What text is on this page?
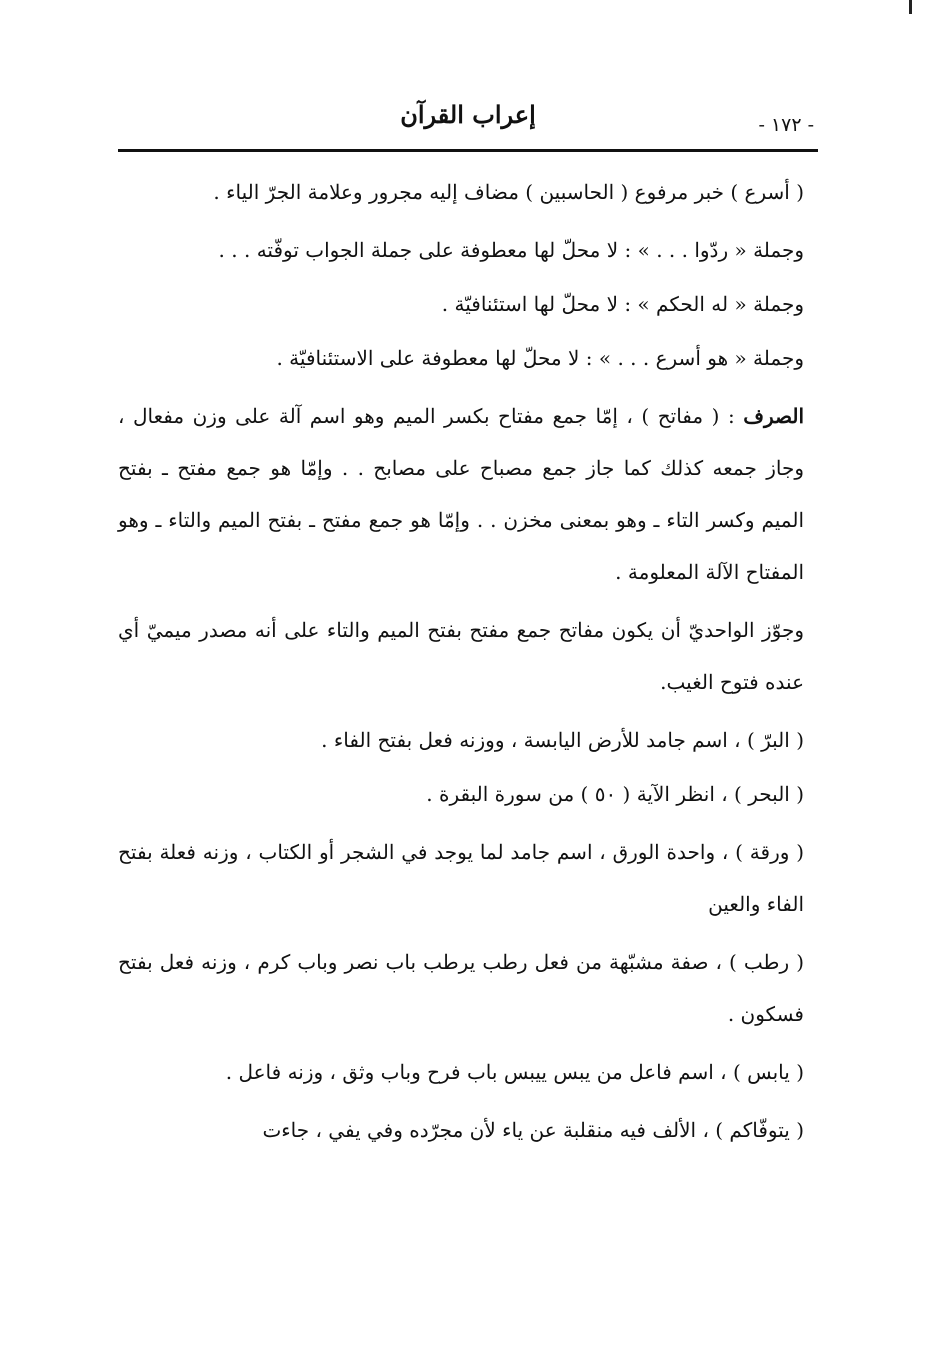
إعراب القرآن	- ١٧٢ -

( أسرع ) خبر مرفوع ( الحاسبين ) مضاف إليه مجرور وعلامة الجرّ الياء .

وجملة « ردّوا . . . » : لا محلّ لها معطوفة على جملة الجواب توفّته . . .

وجملة « له الحكم » : لا محلّ لها استئنافيّة .

وجملة « هو أسرع . . . » : لا محلّ لها معطوفة على الاستئنافيّة .

الصرف : ( مفاتح ) ، إمّا جمع مفتاح بكسر الميم وهو اسم آلة على وزن مفعال ، وجاز جمعه كذلك كما جاز جمع مصباح على مصابح . . وإمّا هو جمع مفتح ـ بفتح الميم وكسر التاء ـ وهو بمعنى مخزن . . وإمّا هو جمع مفتح ـ بفتح الميم والتاء ـ وهو المفتاح الآلة المعلومة .

وجوّز الواحديّ أن يكون مفاتح جمع مفتح بفتح الميم والتاء على أنه مصدر ميميّ أي عنده فتوح الغيب.

( البرّ ) ، اسم جامد للأرض اليابسة ، ووزنه فعل بفتح الفاء .

( البحر ) ، انظر الآية ( ٥٠ ) من سورة البقرة .

( ورقة ) ، واحدة الورق ، اسم جامد لما يوجد في الشجر أو الكتاب ، وزنه فعلة بفتح الفاء والعين

( رطب ) ، صفة مشبّهة من فعل رطب يرطب باب نصر وباب كرم ، وزنه فعل بفتح فسكون .

( يابس ) ، اسم فاعل من يبس ييبس باب فرح وباب وثق ، وزنه فاعل .

( يتوفّاكم ) ، الألف فيه منقلبة عن ياء لأن مجرّده وفي يفي ، جاءت
